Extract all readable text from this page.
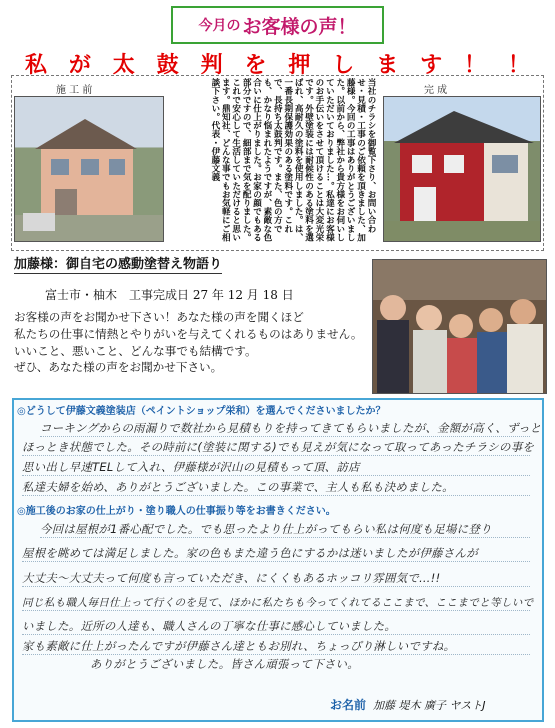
今月の お客様の声！
私 が 太 鼓 判 を 押 し ま す ！ ！
施 工 前	完 成
当社のチラシを御覧下さり、お問い合わせ・見積・工事のご依頼を頂きました、加藤様。今回の工事はありがとうございました。以前から、弊社から貴方様をお伺いしていただいておりました…。私達にお客様のお手伝いをさせて頂けることは大変光栄です。外壁塗装には耐候性のある塗料を選ばれ、高耐久の塗料を使用しました。は、一番長期保護効果のある塗料です。これで、長持ち太鼓判です。また、色の方でも、かなり悩まれたようですが、素敵な色合いに仕上がりました。お家の顔でもある部分ですので、細部まで気を配りました。これで安心して生活していただけると思います。鼎知社、どんな事でもお気軽にご相談下さい。代表・伊藤文義
加藤様：御自宅の感動塗替え物語り
富士市・柚木　工事完成日 27 年 12 月 18 日
お客様の声をお聞かせ下さい！あなた様の声を聞くほど
私たちの仕事に情熱とやりがいを与えてくれるものはありません。
いいこと、悪いこと、どんな事でも結構です。
ぜひ、あなた様の声をお聞かせ下さい。
◎どうして伊藤文義塗装店（ペイントショップ栄和）を選んでくださいましたか？
コーキングからの雨漏りで数社から見積もりを持ってきてもらいましたが、金額が高く、ずっと
ほっとき状態でした。その時前に(塗装に関する)でも見えが気になって取ってあったチラシの事を
思い出し早速TELして入れ、伊藤様が沢山の見積もって頂、訪店
私達夫婦を始め、ありがとうございました。この事業で、主人も私も決めました。
◎施工後のお家の仕上がり・塗り職人の仕事振り等をお書きください。
今回は屋根が1番心配でした。でも思ったより仕上がってもらい私は何度も足場に登り
屋根を眺めては満足しました。家の色もまた違う色にするかは迷いましたが伊藤さんが
大丈夫〜大丈夫って何度も言っていただき、にくくもあるホッコリ雰囲気で…!!
同じ私も職人毎日仕上って行くのを見て、ほかに私たちも今ってくれてるここまで、ここまでと等しいで
いました。近所の人達も、職人さんの丁寧な仕事に感心していました。
家も素敵に仕上がったんですが伊藤さん達ともお別れ、ちょっぴり淋しいですね。
ありがとうございました。皆さん頑張って下さい。
お名前 加藤 堤木 廣子 ヤストJ
